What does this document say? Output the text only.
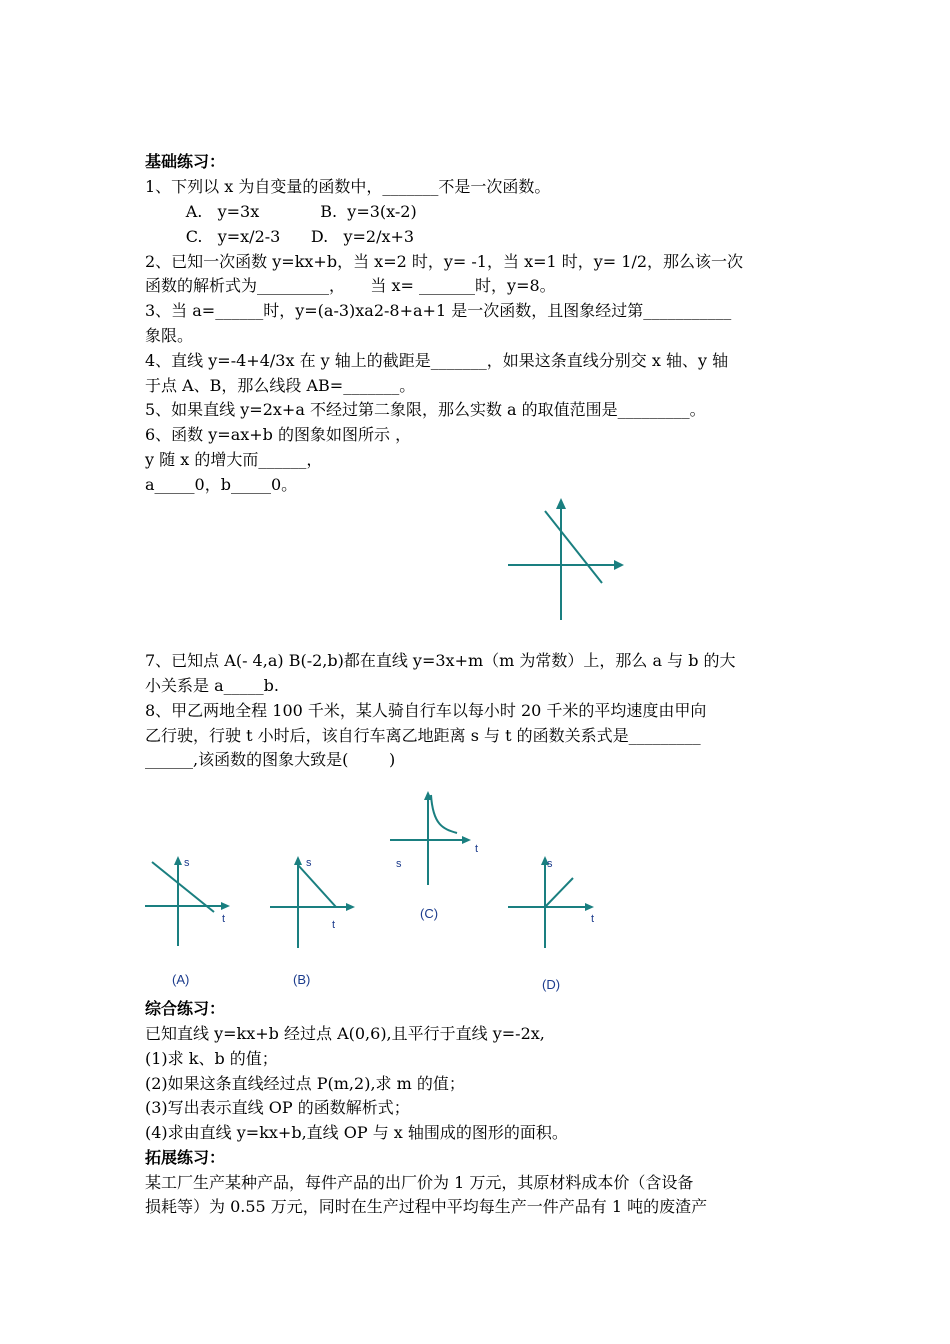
基础练习：
1、下列以 x 为自变量的函数中，_______不是一次函数。
A.   y=3x            B.  y=3(x-2)
C.   y=x/2-3      D.   y=2/x+3
2、已知一次函数 y=kx+b，当 x=2 时，y= -1，当 x=1 时，y= 1/2，那么该一次
函数的解析式为_________，     当 x= _______时，y=8。
3、当 a=______时，y=(a-3)xa2-8+a+1 是一次函数，且图象经过第___________
象限。
4、直线 y=-4+4/3x 在 y 轴上的截距是_______，如果这条直线分别交 x 轴、y 轴
于点 A、B，那么线段 AB=_______。
5、如果直线 y=2x+a 不经过第二象限，那么实数 a 的取值范围是_________。
6、函数 y=ax+b 的图象如图所示 ，
y 随 x 的增大而______，
a_____0，b_____0。
7、已知点 A(- 4,a) B(-2,b)都在直线 y=3x+m（m 为常数）上，那么 a 与 b 的大
小关系是 a_____b.
8、甲乙两地全程 100 千米，某人骑自行车以每小时 20 千米的平均速度由甲向
乙行驶，行驶 t 小时后，该自行车离乙地距离 s 与 t 的函数关系式是_________
______,该函数的图象大致是(        )
s
t
(A)
s
t
(B)
s
t
(C)
s
t
(D)
综合练习：
已知直线 y=kx+b 经过点 A(0,6),且平行于直线 y=-2x,
(1)求 k、b 的值；
(2)如果这条直线经过点 P(m,2),求 m 的值；
(3)写出表示直线 OP 的函数解析式；
(4)求由直线 y=kx+b,直线 OP 与 x 轴围成的图形的面积。
拓展练习：
某工厂生产某种产品，每件产品的出厂价为 1 万元，其原材料成本价（含设备
损耗等）为 0.55 万元，同时在生产过程中平均每生产一件产品有 1 吨的废渣产
